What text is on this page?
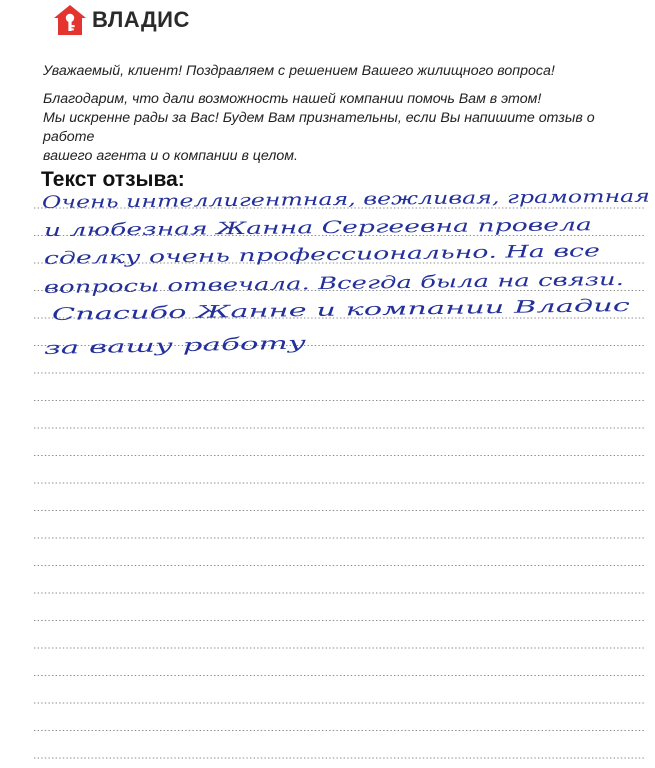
ВЛАДИС

Уважаемый, клиент! Поздравляем с решением Вашего жилищного вопроса!

Благодарим, что дали возможность нашей компании помочь Вам в этом!

Мы искренне рады за Вас! Будем Вам признательны, если Вы напишите отзыв о работе

вашего агента и о компании в целом.

Текст отзыва:
Очень интеллигентная, вежливая, грамотная
и любезная Жанна Сергеевна провела
сделку очень профессионально. На все
вопросы отвечала. Всегда была на связи.
Спасибо Жанне и компании Владис
за вашу работу
